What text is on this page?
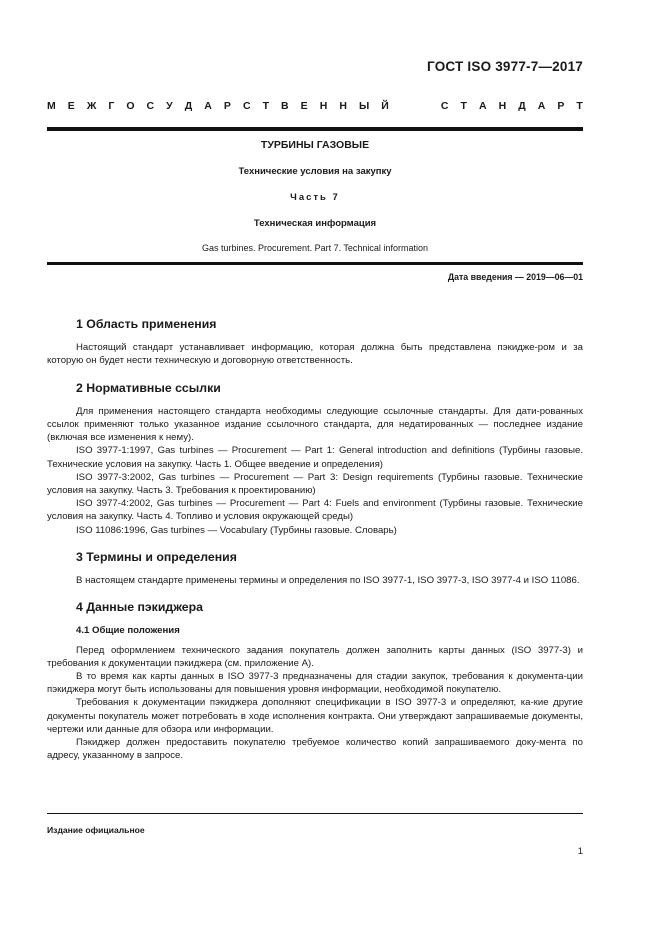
ГОСТ ISO 3977-7—2017
М Е Ж Г О С У Д А Р С Т В Е Н Н Ы Й	С Т А Н Д А Р Т
ТУРБИНЫ ГАЗОВЫЕ
Технические условия на закупку
Часть 7
Техническая информация
Gas turbines. Procurement. Part 7. Technical information
Дата введения — 2019—06—01
1 Область применения

Настоящий стандарт устанавливает информацию, которая должна быть представлена пэкидже-ром и за которую он будет нести техническую и договорную ответственность.

2 Нормативные ссылки

Для применения настоящего стандарта необходимы следующие ссылочные стандарты. Для дати-рованных ссылок применяют только указанное издание ссылочного стандарта, для недатированных — последнее издание (включая все изменения к нему).

ISO 3977-1:1997, Gas turbines — Procurement — Part 1: General introduction and definitions (Турбины газовые. Технические условия на закупку. Часть 1. Общее введение и определения)

ISO 3977-3:2002, Gas turbines — Procurement — Part 3: Design requirements (Турбины газовые. Технические условия на закупку. Часть 3. Требования к проектированию)

ISO 3977-4:2002, Gas turbines — Procurement — Part 4: Fuels and environment (Турбины газовые. Технические условия на закупку. Часть 4. Топливо и условия окружающей среды)

ISO 11086:1996, Gas turbines — Vocabulary (Турбины газовые. Словарь)

3 Термины и определения

В настоящем стандарте применены термины и определения по ISO 3977-1, ISO 3977-3, ISO 3977-4 и ISO 11086.

4 Данные пэкиджера
4.1 Общие положения

Перед оформлением технического задания покупатель должен заполнить карты данных (ISO 3977-3) и требования к документации пэкиджера (см. приложение А).

В то время как карты данных в ISO 3977-3 предназначены для стадии закупок, требования к документа-ции пэкиджера могут быть использованы для повышения уровня информации, необходимой покупателю.

Требования к документации пэкиджера дополняют спецификации в ISO 3977-3 и определяют, ка-кие другие документы покупатель может потребовать в ходе исполнения контракта. Они утверждают запрашиваемые документы, чертежи или данные для обзора или информации.

Пэкиджер должен предоставить покупателю требуемое количество копий запрашиваемого доку-мента по адресу, указанному в запросе.

Издание официальное
1
